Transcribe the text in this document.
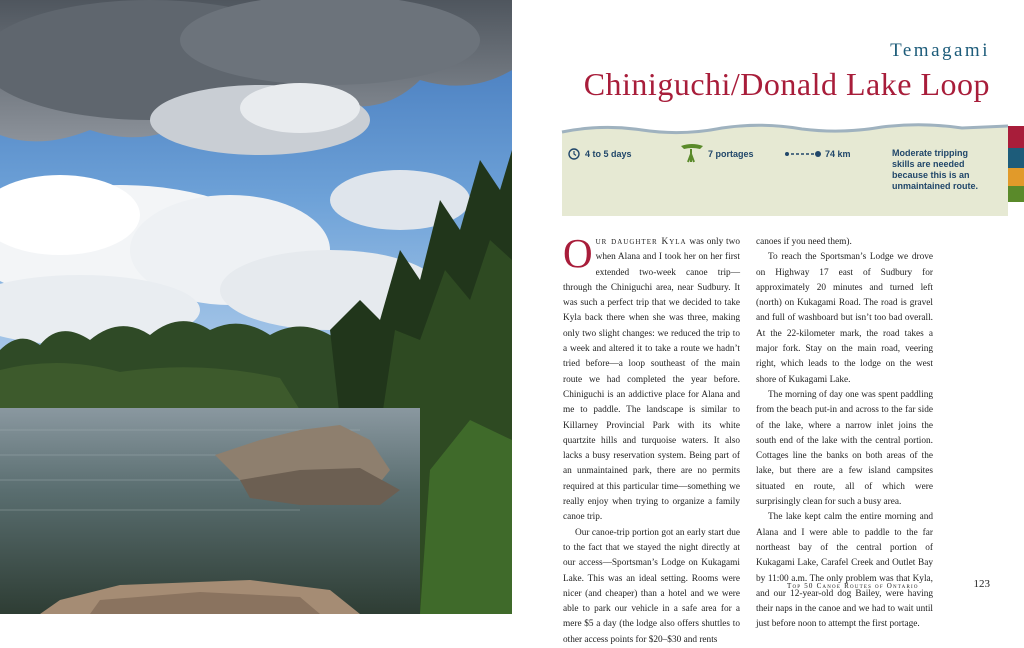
Temagami
Chiniguchi/Donald Lake Loop
4 to 5 days	7 portages	74 km	Moderate tripping skills are needed because this is an unmaintained route.

Our daughter Kyla was only two when Alana and I took her on her first extended two-week canoe trip—through the Chiniguchi area, near Sudbury. It was such a perfect trip that we decided to take Kyla back there when she was three, making only two slight changes: we reduced the trip to a week and altered it to take a route we hadn’t tried before—a loop southeast of the main route we had completed the year before. Chiniguchi is an addictive place for Alana and me to paddle. The landscape is similar to Killarney Provincial Park with its white quartzite hills and turquoise waters. It also lacks a busy reservation system. Being part of an unmaintained park, there are no permits required at this particular time—something we really enjoy when trying to organize a family canoe trip.

Our canoe-trip portion got an early start due to the fact that we stayed the night directly at our access—Sportsman’s Lodge on Kukagami Lake. This was an ideal setting. Rooms were nicer (and cheaper) than a hotel and we were able to park our vehicle in a safe area for a mere $5 a day (the lodge also offers shuttles to other access points for $20–$30 and rents

canoes if you need them).

To reach the Sportsman’s Lodge we drove on Highway 17 east of Sudbury for approximately 20 minutes and turned left (north) on Kukagami Road. The road is gravel and full of washboard but isn’t too bad overall. At the 22-kilometer mark, the road takes a major fork. Stay on the main road, veering right, which leads to the lodge on the west shore of Kukagami Lake.

The morning of day one was spent paddling from the beach put-in and across to the far side of the lake, where a narrow inlet joins the south end of the lake with the central portion. Cottages line the banks on both areas of the lake, but there are a few island campsites situated en route, all of which were surprisingly clean for such a busy area.

The lake kept calm the entire morning and Alana and I were able to paddle to the far northeast bay of the central portion of Kukagami Lake, Carafel Creek and Outlet Bay by 11:00 a.m. The only problem was that Kyla, and our 12-year-old dog Bailey, were having their naps in the canoe and we had to wait until just before noon to attempt the first portage.

Top 50 Canoe Routes of Ontario	123
